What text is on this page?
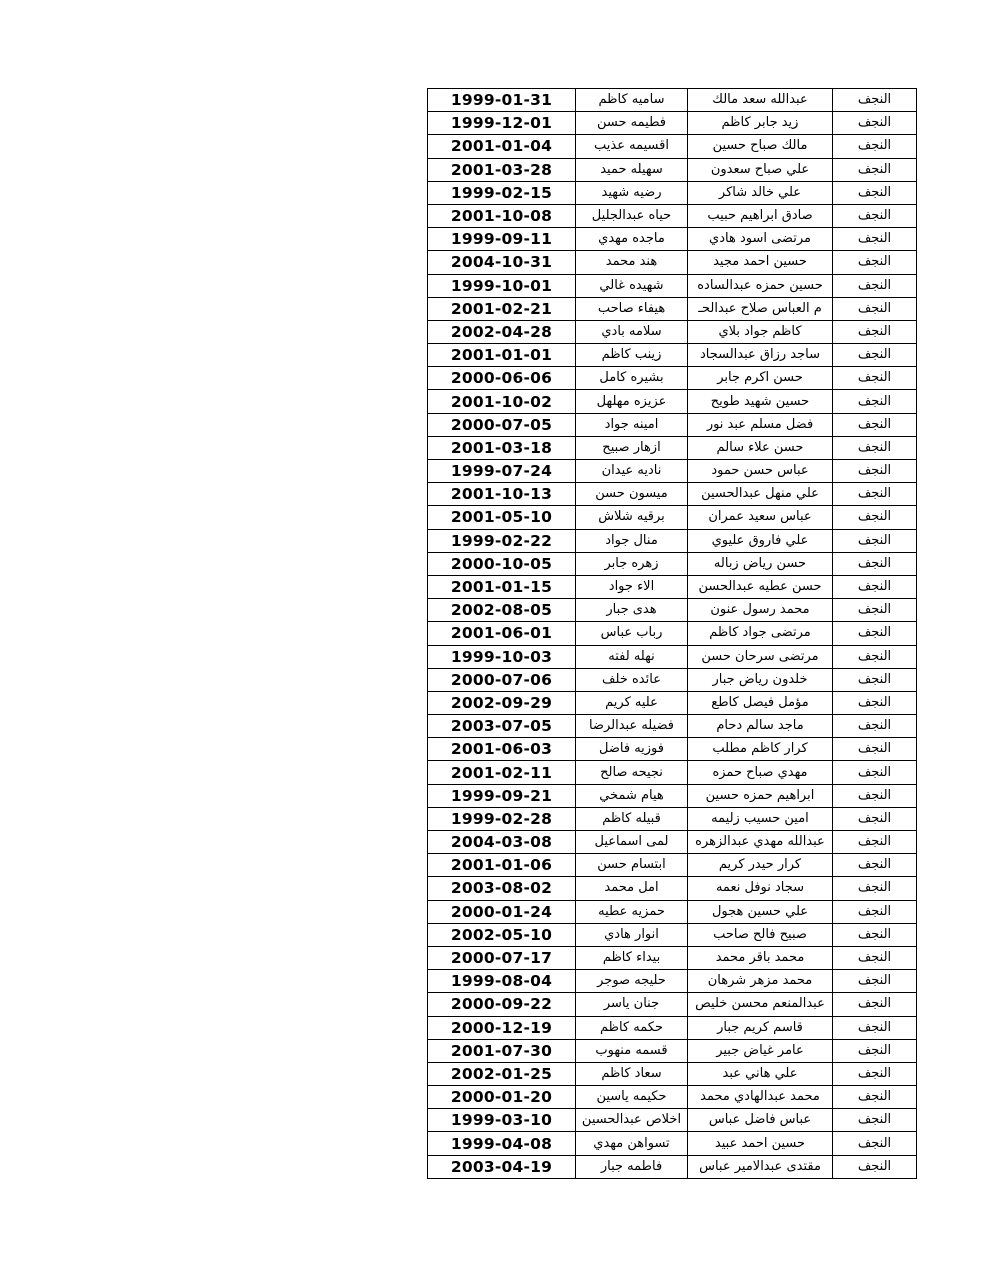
1999-01-31	ساميه كاظم	عبدالله سعد مالك	النجف
1999-12-01	فطيمه حسن	زيد جابر كاظم	النجف
2001-01-04	اقسيمه عذيب	مالك صباح حسين	النجف
2001-03-28	سهيله حميد	علي صباح سعدون	النجف
1999-02-15	رضيه شهيد	علي خالد شاكر	النجف
2001-10-08	حياه عبدالجليل	صادق ابراهيم حبيب	النجف
1999-09-11	ماجده مهدي	مرتضى اسود هادي	النجف
2004-10-31	هند محمد	حسين احمد مجيد	النجف
1999-10-01	شهيده غالي	حسين حمزه عبدالساده	النجف
2001-02-21	هيفاء صاحب	م العباس صلاح عبدالحـ	النجف
2002-04-28	سلامه بادي	كاظم جواد بلاي	النجف
2001-01-01	زينب كاظم	ساجد رزاق عبدالسجاد	النجف
2000-06-06	بشيره كامل	حسن اكرم جابر	النجف
2001-10-02	عزيزه مهلهل	حسين شهيد طويح	النجف
2000-07-05	امينه جواد	فضل مسلم عبد نور	النجف
2001-03-18	ازهار صبيح	حسن علاء سالم	النجف
1999-07-24	ناديه عيدان	عباس حسن حمود	النجف
2001-10-13	ميسون حسن	علي منهل عبدالحسين	النجف
2001-05-10	برقيه شلاش	عباس سعيد عمران	النجف
1999-02-22	منال جواد	علي فاروق عليوي	النجف
2000-10-05	زهره جابر	حسن رياض زباله	النجف
2001-01-15	الاء جواد	حسن عطيه عبدالحسن	النجف
2002-08-05	هدى جبار	محمد رسول عنون	النجف
2001-06-01	رباب عباس	مرتضى جواد كاظم	النجف
1999-10-03	نهله لفته	مرتضى سرحان حسن	النجف
2000-07-06	عائده خلف	خلدون رياض جبار	النجف
2002-09-29	عليه كريم	مؤمل فيصل كاطع	النجف
2003-07-05	فضيله عبدالرضا	ماجد سالم دحام	النجف
2001-06-03	فوزيه فاضل	كرار كاظم مطلب	النجف
2001-02-11	نجيحه صالح	مهدي صباح حمزه	النجف
1999-09-21	هيام شمخي	ابراهيم حمزه حسين	النجف
1999-02-28	قبيله كاظم	امين حسيب زليمه	النجف
2004-03-08	لمى اسماعيل	عبدالله مهدي عبدالزهره	النجف
2001-01-06	ابتسام حسن	كرار حيدر كريم	النجف
2003-08-02	امل محمد	سجاد نوفل نعمه	النجف
2000-01-24	حمزيه عطيه	علي حسين هجول	النجف
2002-05-10	انوار هادي	صبيح فالح صاحب	النجف
2000-07-17	بيداء كاظم	محمد باقر محمد	النجف
1999-08-04	حليجه صوجر	محمد مزهر شرهان	النجف
2000-09-22	جنان ياسر	عبدالمنعم محسن خليص	النجف
2000-12-19	حكمه كاظم	قاسم كريم جبار	النجف
2001-07-30	قسمه منهوب	عامر غياض جبير	النجف
2002-01-25	سعاد كاظم	علي هاني عبد	النجف
2000-01-20	حكيمه ياسين	محمد عبدالهادي محمد	النجف
1999-03-10	اخلاص عبدالحسين	عباس فاضل عباس	النجف
1999-04-08	تسواهن مهدي	حسين احمد عبيد	النجف
2003-04-19	فاطمه جبار	مقتدى عبدالامير عباس	النجف
